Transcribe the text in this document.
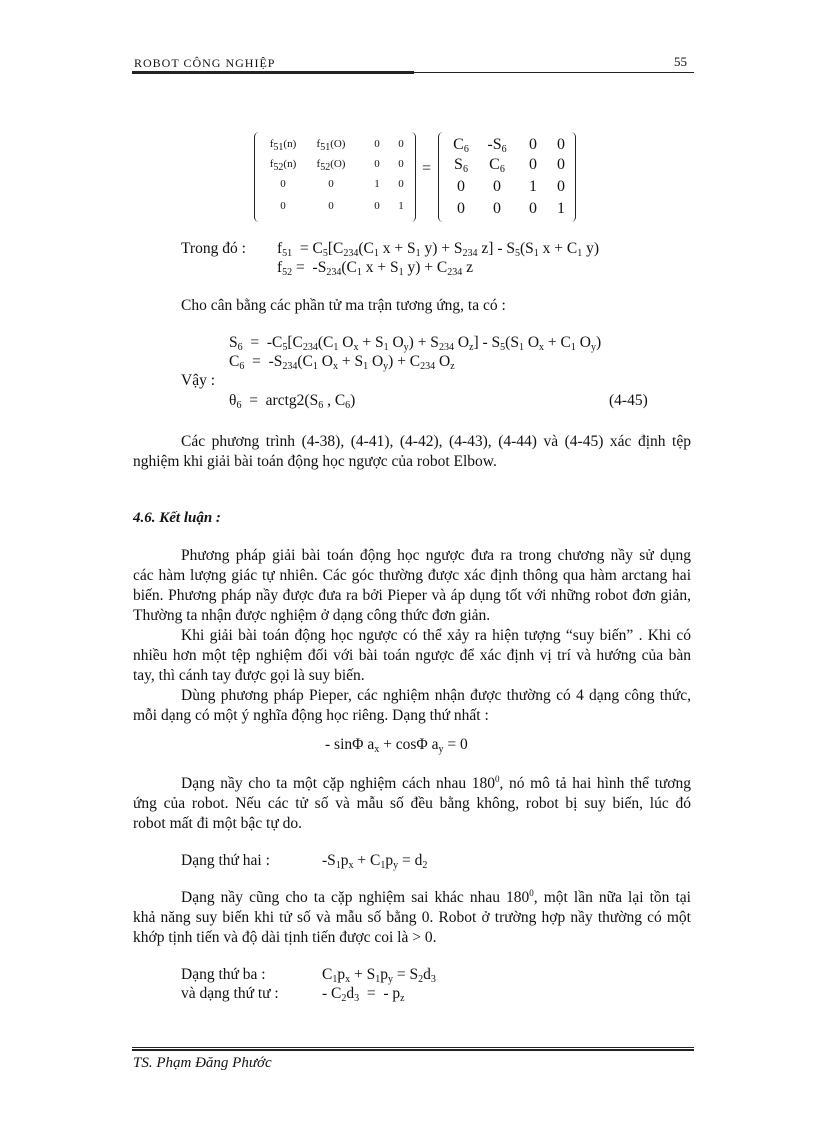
ROBOT CÔNG NGHIỆP	55
$f_{51}(n)$	$f_{51}(O)$	0	0
$f_{52}(n)$	$f_{52}(O)$	0	0
0	0	1	0
0	0	0	1
=
$C_6$	$-S_6$	0	0
$S_6$	$C_6$	0	0
0	0	1	0
0	0	0	1
Trong đó : $f_{51} = C_5[C_{234}(C_1$ $x + S_1$ $y) + S_{234}$ $z] - S_5(S_1$ $x + C_1$ y)
$f_{52} = -S_{234}(C_1$ $x + S_1$ $y) + C_{234}$ z
Cho cân bằng các phần tử ma trận tương ứng, ta có :
$S_6 = -C_5[C_{234}(C_1$ $O_x + S_1$ $O_y) + S_{234}$ $O_z] - S_5(S_1$ $O_x + C_1$ $O_y$)
$C_6 = -S_{234}(C_1$ $O_x + S_1$ $O_y) + C_{234}$ $O_z$
Vậy :
$\theta_6$  =  $arctg2(S_6$ , $C_6$)	(4-45)
Các phương trình (4-38), (4-41), (4-42), (4-43), (4-44) và (4-45) xác định tệp
nghiệm khi giải bài toán động học ngược của robot Elbow.
4.6. Kết luận :
Phương pháp giải bài toán động học ngược đưa ra trong chương nầy sử dụng
các hàm lượng giác tự nhiên. Các góc thường được xác định thông qua hàm arctang hai
biến. Phương pháp nầy được đưa ra bởi Pieper và áp dụng tốt với những robot đơn giản,
Thường ta nhận được nghiệm ở dạng công thức đơn giản.
Khi giải bài toán động học ngược có thể xảy ra hiện tượng “suy biến” . Khi có
nhiều hơn một tệp nghiệm đối với bài toán ngược để xác định vị trí và hướng của bàn
tay, thì cánh tay được gọi là suy biến.
Dùng phương pháp Pieper, các nghiệm nhận được thường có 4 dạng công thức,
mỗi dạng có một ý nghĩa động học riêng. Dạng thứ nhất :
- sinΦ $a_x + \cos\Phi$ $a_y = 0$
Dạng nầy cho ta một cặp nghiệm cách nhau $180^0$, nó mô tả hai hình thể tương
ứng của robot. Nếu các tử số và mẫu số đều bằng không, robot bị suy biến, lúc đó
robot mất đi một bậc tự do.
Dạng thứ hai :	$-S_1p_x + C_1p_y = d_2$
Dạng nầy cũng cho ta cặp nghiệm sai khác nhau $180^0$, một lần nữa lại tồn tại
khả năng suy biến khi tử số và mẫu số bằng 0. Robot ở trường hợp nầy thường có một
khớp tịnh tiến và độ dài tịnh tiến được coi là > 0.
Dạng thứ ba :	$C_1p_x + S_1p_y = S_2d_3$
và dạng thứ tư :	- $C_2d_3$  =  - $p_z$
TS. Phạm Đăng Phước
